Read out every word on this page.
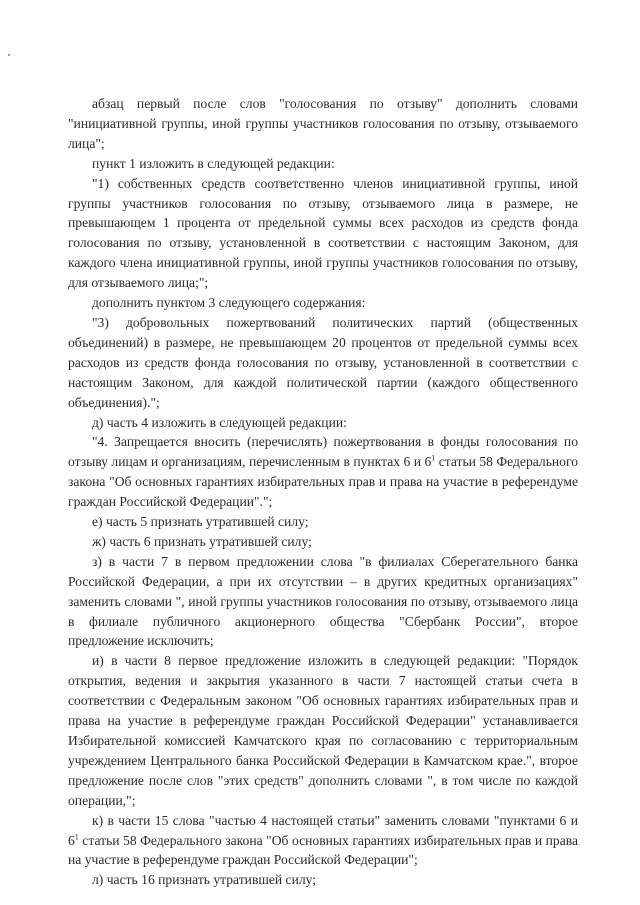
абзац первый после слов "голосования по отзыву" дополнить словами "инициативной группы, иной группы участников голосования по отзыву, отзываемого лица";

пункт 1 изложить в следующей редакции:

"1) собственных средств соответственно членов инициативной группы, иной группы участников голосования по отзыву, отзываемого лица в размере, не превышающем 1 процента от предельной суммы всех расходов из средств фонда голосования по отзыву, установленной в соответствии с настоящим Законом, для каждого члена инициативной группы, иной группы участников голосования по отзыву, для отзываемого лица;";

дополнить пунктом 3 следующего содержания:

"3) добровольных пожертвований политических партий (общественных объединений) в размере, не превышающем 20 процентов от предельной суммы всех расходов из средств фонда голосования по отзыву, установленной в соответствии с настоящим Законом, для каждой политической партии (каждого общественного объединения).";

д) часть 4 изложить в следующей редакции:

"4. Запрещается вносить (перечислять) пожертвования в фонды голосования по отзыву лицам и организациям, перечисленным в пунктах 6 и $6^1$ статьи 58 Федерального закона "Об основных гарантиях избирательных прав и права на участие в референдуме граждан Российской Федерации".";

е) часть 5 признать утратившей силу;

ж) часть 6 признать утратившей силу;

з) в части 7 в первом предложении слова "в филиалах Сберегательного банка Российской Федерации, а при их отсутствии – в других кредитных организациях" заменить словами ", иной группы участников голосования по отзыву, отзываемого лица в филиале публичного акционерного общества "Сбербанк России", второе предложение исключить;

и) в части 8 первое предложение изложить в следующей редакции: "Порядок открытия, ведения и закрытия указанного в части 7 настоящей статьи счета в соответствии с Федеральным законом "Об основных гарантиях избирательных прав и права на участие в референдуме граждан Российской Федерации" устанавливается Избирательной комиссией Камчатского края по согласованию с территориальным учреждением Центрального банка Российской Федерации в Камчатском крае.", второе предложение после слов "этих средств" дополнить словами ", в том числе по каждой операции,";

к) в части 15 слова "частью 4 настоящей статьи" заменить словами "пунктами 6 и $6^1$ статьи 58 Федерального закона "Об основных гарантиях избирательных прав и права на участие в референдуме граждан Российской Федерации";

л) часть 16 признать утратившей силу;
